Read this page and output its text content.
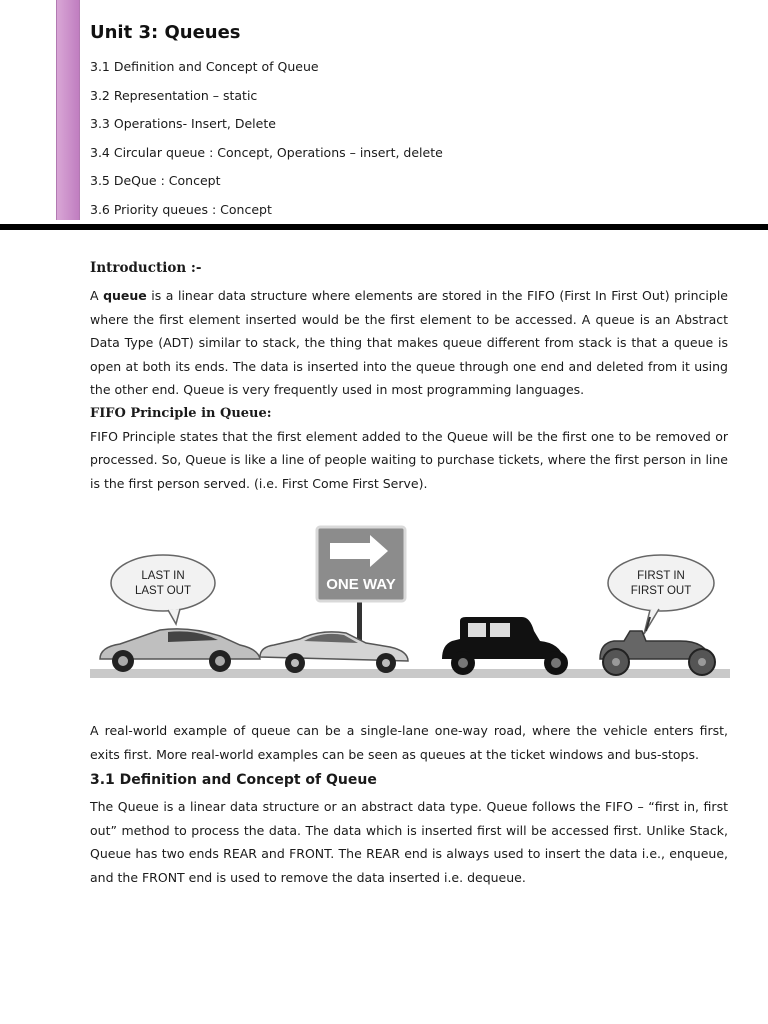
Unit 3: Queues
3.1 Definition and Concept of Queue
3.2 Representation – static
3.3 Operations- Insert, Delete
3.4 Circular queue : Concept, Operations – insert, delete
3.5 DeQue : Concept
3.6 Priority queues : Concept
Introduction :-

A queue is a linear data structure where elements are stored in the FIFO (First In First Out) principle where the first element inserted would be the first element to be accessed. A queue is an Abstract Data Type (ADT) similar to stack, the thing that makes queue different from stack is that a queue is open at both its ends. The data is inserted into the queue through one end and deleted from it using the other end. Queue is very frequently used in most programming languages.

FIFO Principle in Queue:

FIFO Principle states that the first element added to the Queue will be the first one to be removed or processed. So, Queue is like a line of people waiting to purchase tickets, where the first person in line is the first person served. (i.e. First Come First Serve).

ONE WAY
LAST IN
LAST OUT
FIRST IN
FIRST OUT

A real-world example of queue can be a single-lane one-way road, where the vehicle enters first, exits first. More real-world examples can be seen as queues at the ticket windows and bus-stops.

3.1 Definition and Concept of Queue

The Queue is a linear data structure or an abstract data type. Queue follows the FIFO – “first in, first out” method to process the data. The data which is inserted first will be accessed first. Unlike Stack, Queue has two ends REAR and FRONT. The REAR end is always used to insert the data i.e., enqueue, and the FRONT end is used to remove the data inserted i.e. dequeue.
